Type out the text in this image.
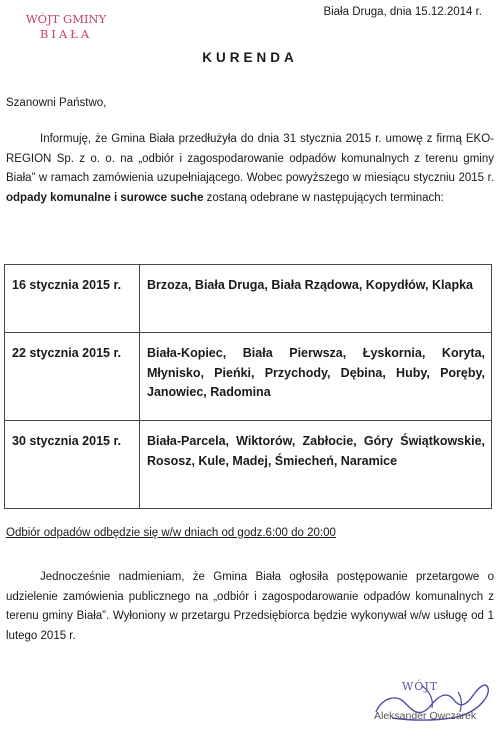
WÓJT GMINY
BIAŁA
Biała Druga, dnia 15.12.2014 r.
KURENDA
Szanowni Państwo,
Informuję, że Gmina Biała przedłużyła do dnia 31 stycznia 2015 r. umowę z firmą EKO-REGION Sp. z o. o. na „odbiór i zagospodarowanie odpadów komunalnych z terenu gminy Biała” w ramach zamówienia uzupełniającego. Wobec powyższego w miesiącu styczniu 2015 r. odpady komunalne i surowce suche zostaną odebrane w następujących terminach:
16 stycznia 2015 r.	Brzoza, Biała Druga, Biała Rządowa, Kopydłów, Klapka
22 stycznia 2015 r.	Biała-Kopiec, Biała Pierwsza, Łyskornia, Koryta, Młynisko, Pieńki, Przychody, Dębina, Huby, Poręby, Janowiec, Radomina
30 stycznia 2015 r.	Biała-Parcela, Wiktorów, Zabłocie, Góry Świątkowskie, Rososz, Kule, Madej, Śmiecheń, Naramice
Odbiór odpadów odbędzie się w/w dniach od godz.6:00 do 20:00
Jednocześnie nadmieniam, że Gmina Biała ogłosiła postępowanie przetargowe o udzielenie zamówienia publicznego na „odbiór i zagospodarowanie odpadów komunalnych z terenu gminy Biała”. Wyłoniony w przetargu Przedsiębiorca będzie wykonywał w/w usługę od 1 lutego 2015 r.
WÓJT
Aleksander Owczarek
